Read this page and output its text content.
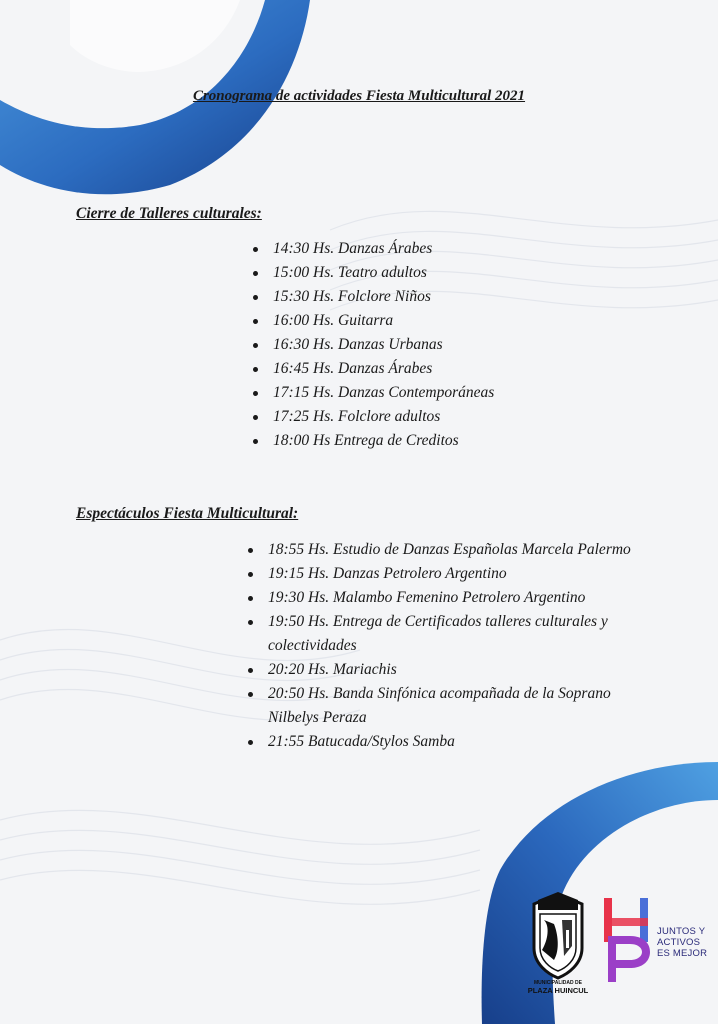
Cronograma de actividades Fiesta Multicultural 2021
Cierre de Talleres culturales:
14:30 Hs. Danzas Árabes
15:00 Hs. Teatro adultos
15:30 Hs. Folclore Niños
16:00 Hs. Guitarra
16:30 Hs. Danzas Urbanas
16:45 Hs. Danzas Árabes
17:15 Hs. Danzas Contemporáneas
17:25 Hs. Folclore adultos
18:00 Hs Entrega de Creditos
Espectáculos Fiesta Multicultural:
18:55 Hs. Estudio de Danzas Españolas Marcela Palermo
19:15 Hs. Danzas Petrolero Argentino
19:30 Hs. Malambo Femenino Petrolero Argentino
19:50 Hs. Entrega de Certificados talleres culturales y colectividades
20:20 Hs. Mariachis
20:50 Hs. Banda Sinfónica acompañada de la Soprano Nilbelys Peraza
21:55 Batucada/Stylos Samba
MUNICIPALIDAD DE
PLAZA HUINCUL
JUNTOS Y
ACTIVOS
ES MEJOR
